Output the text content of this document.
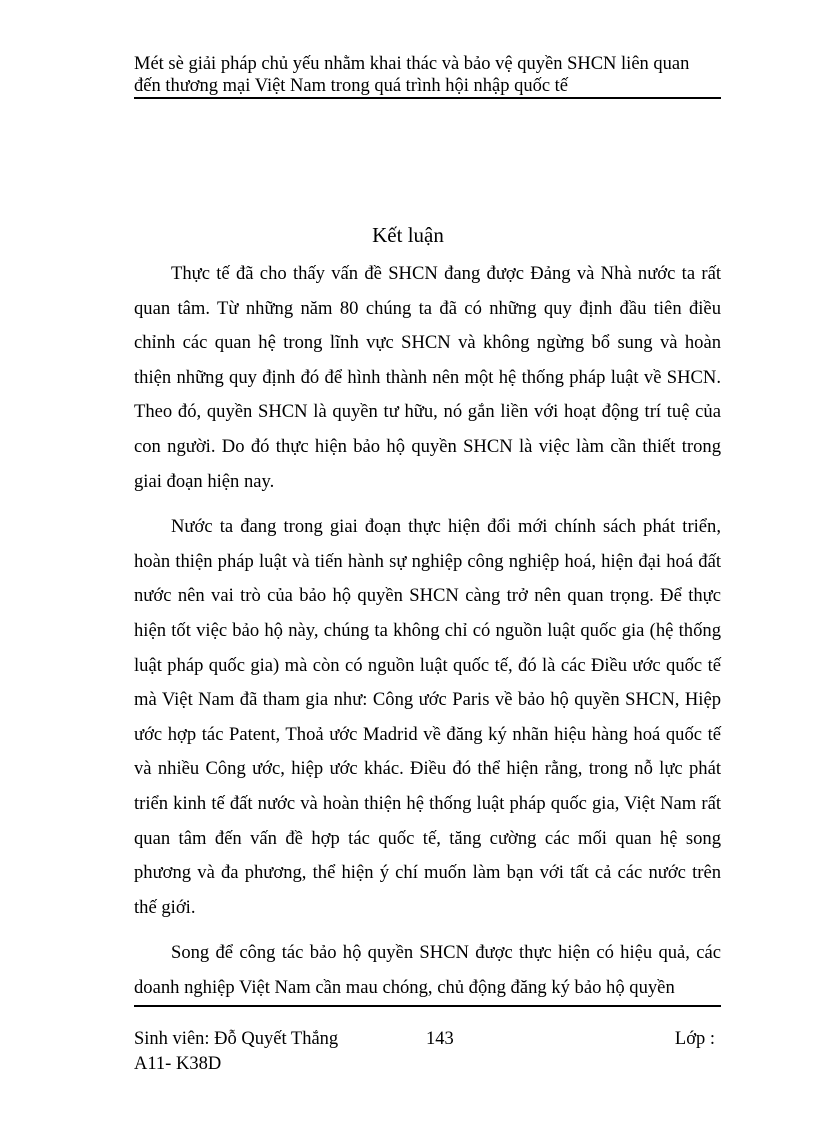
Mét sè giải pháp chủ yếu nhằm khai thác và bảo vệ quyền SHCN liên quan đến thương mại Việt Nam trong quá trình hội nhập quốc tế
Kết luận

Thực tế đã cho thấy vấn đề SHCN đang được Đảng và Nhà nước ta rất quan tâm. Từ những năm 80 chúng ta đã có những quy định đầu tiên điều chỉnh các quan hệ trong lĩnh vực SHCN và không ngừng bổ sung và hoàn thiện những quy định đó để hình thành nên một hệ thống pháp luật về SHCN. Theo đó, quyền SHCN là quyền tư hữu, nó gắn liền với hoạt động trí tuệ của con người. Do đó thực hiện bảo hộ quyền SHCN là việc làm cần thiết trong giai đoạn hiện nay.

Nước ta đang trong giai đoạn thực hiện đổi mới chính sách phát triển, hoàn thiện pháp luật và tiến hành sự nghiệp công nghiệp hoá, hiện đại hoá đất nước nên vai trò của bảo hộ quyền SHCN càng trở nên quan trọng. Để thực hiện tốt việc bảo hộ này, chúng ta không chỉ có nguồn luật quốc gia (hệ thống luật pháp quốc gia) mà còn có nguồn luật quốc tế, đó là các Điều ước quốc tế mà Việt Nam đã tham gia như: Công ước Paris về bảo hộ quyền SHCN, Hiệp ước hợp tác Patent, Thoả ước Madrid về đăng ký nhãn hiệu hàng hoá quốc tế và nhiều Công ước, hiệp ước khác. Điều đó thể hiện rằng, trong nỗ lực phát triển kinh tế đất nước và hoàn thiện hệ thống luật pháp quốc gia, Việt Nam rất quan tâm đến vấn đề hợp tác quốc tế, tăng cường các mối quan hệ song phương và đa phương, thể hiện ý chí muốn làm bạn với tất cả các nước trên thế giới.

Song để công tác bảo hộ quyền SHCN được thực hiện có hiệu quả, các doanh nghiệp Việt Nam cần mau chóng, chủ động đăng ký bảo hộ quyền

Sinh viên: Đỗ Quyết Thắng	143	Lớp :
A11- K38D
